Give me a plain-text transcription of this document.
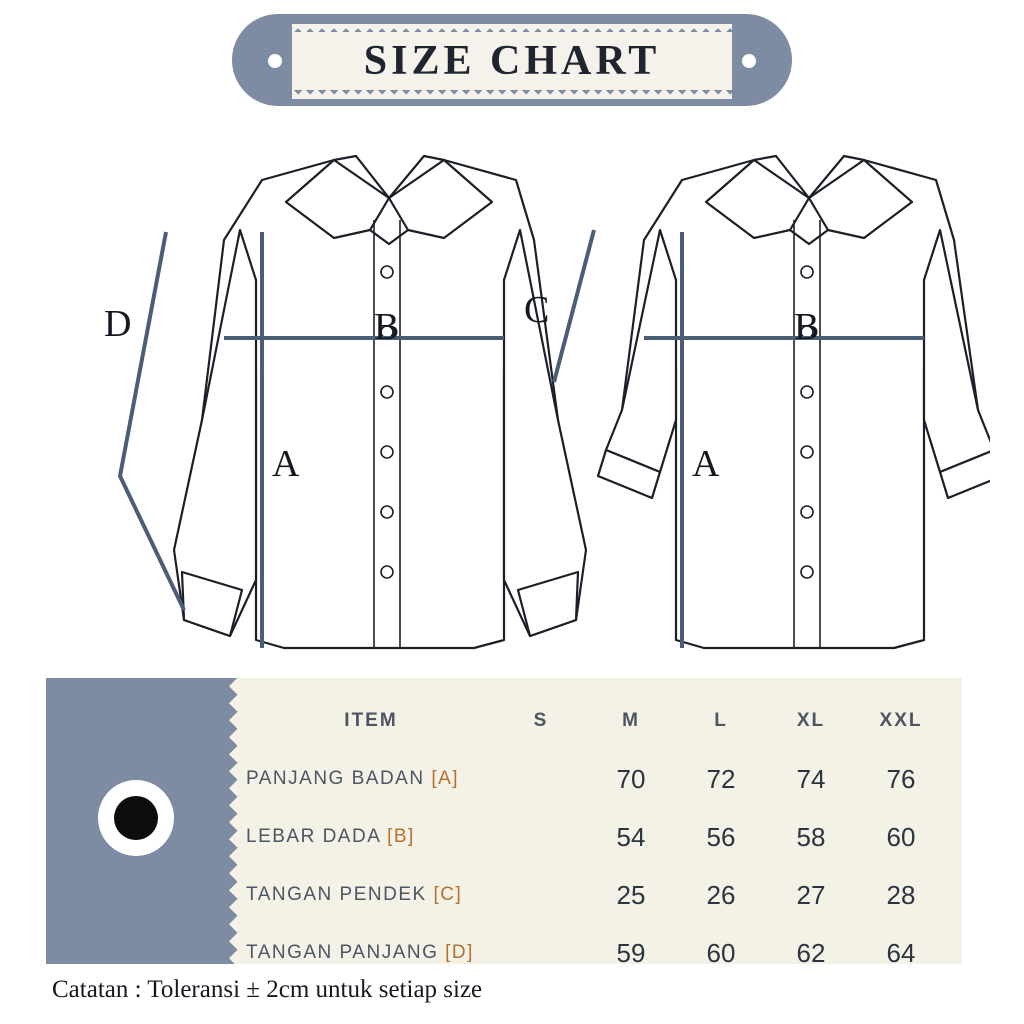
SIZE CHART
D	B
A
C	B
A
ITEM	S	M	L	XL	XXL
PANJANG BADAN [A]		70	72	74	76
LEBAR DADA [B]		54	56	58	60
TANGAN PENDEK [C]		25	26	27	28
TANGAN PANJANG [D]		59	60	62	64
Catatan : Toleransi ± 2cm untuk setiap size
